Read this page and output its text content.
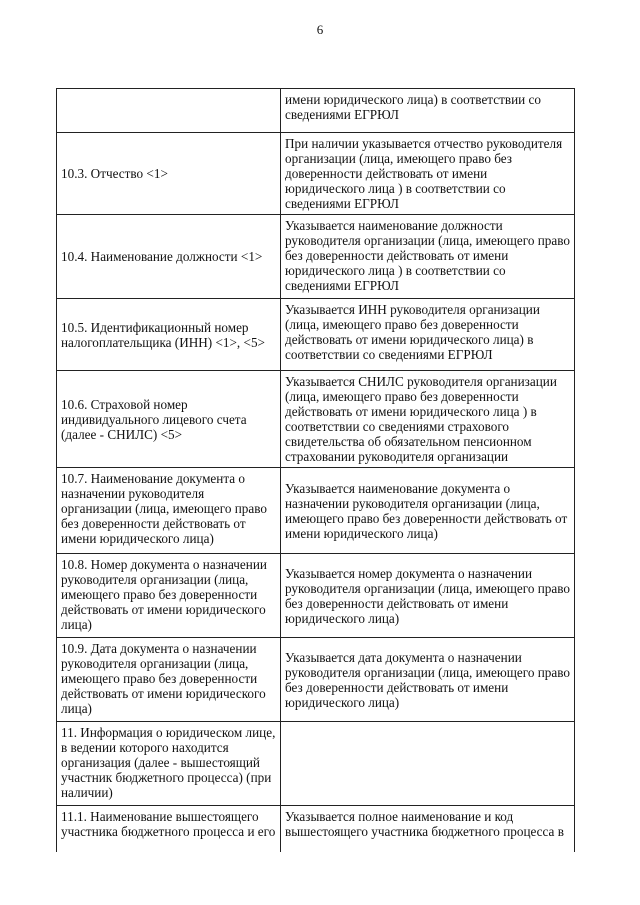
6
	имени юридического лица) в соответствии со сведениями ЕГРЮЛ
10.3. Отчество <1>	При наличии указывается отчество руководителя организации (лица, имеющего право без доверенности действовать от имени юридического лица ) в соответствии со сведениями ЕГРЮЛ
10.4. Наименование должности <1>	Указывается наименование должности руководителя организации (лица, имеющего право без доверенности действовать от имени юридического лица ) в соответствии со сведениями ЕГРЮЛ
10.5. Идентификационный номер налогоплательщика (ИНН) <1>, <5>	Указывается ИНН руководителя организации (лица, имеющего право без доверенности действовать от имени юридического лица) в соответствии со сведениями ЕГРЮЛ
10.6. Страховой номер индивидуального лицевого счета (далее - СНИЛС) <5>	Указывается СНИЛС руководителя организации (лица, имеющего право без доверенности действовать от имени юридического лица ) в соответствии со сведениями страхового свидетельства об обязательном пенсионном страховании руководителя организации
10.7. Наименование документа о назначении руководителя организации (лица, имеющего право без доверенности действовать от имени юридического лица)	Указывается наименование документа о назначении руководителя организации (лица, имеющего право без доверенности действовать от имени юридического лица)
10.8. Номер документа о назначении руководителя организации (лица, имеющего право без доверенности действовать от имени юридического лица)	Указывается номер документа о назначении руководителя организации (лица, имеющего право без доверенности действовать от имени юридического лица)
10.9. Дата документа о назначении руководителя организации (лица, имеющего право без доверенности действовать от имени юридического лица)	Указывается дата документа о назначении руководителя организации (лица, имеющего право без доверенности действовать от имени юридического лица)
11. Информация о юридическом лице, в ведении которого находится организация (далее - вышестоящий участник бюджетного процесса) (при наличии)	
11.1. Наименование вышестоящего участника бюджетного процесса и его	Указывается полное наименование и код вышестоящего участника бюджетного процесса в
